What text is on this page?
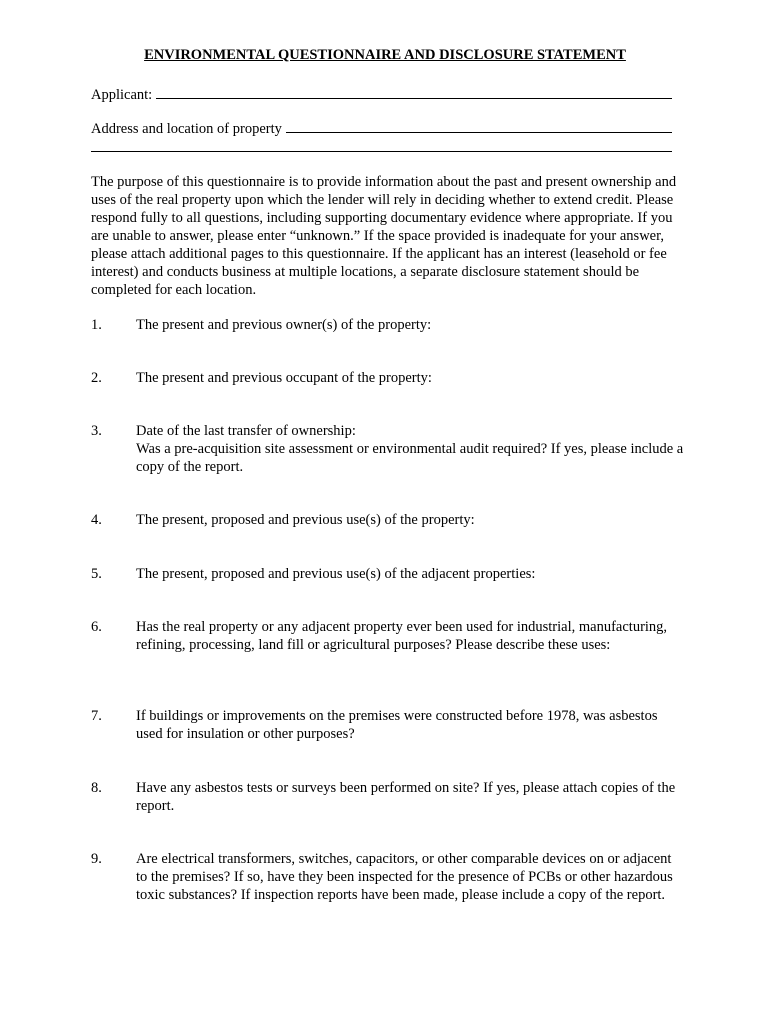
ENVIRONMENTAL QUESTIONNAIRE AND DISCLOSURE STATEMENT
Applicant:
Address and location of property
The purpose of this questionnaire is to provide information about the past and present ownership and uses of the real property upon which the lender will rely in deciding whether to extend credit. Please respond fully to all questions, including supporting documentary evidence where appropriate. If you are unable to answer, please enter “unknown.” If the space provided is inadequate for your answer, please attach additional pages to this questionnaire. If the applicant has an interest (leasehold or fee interest) and conducts business at multiple locations, a separate disclosure statement should be completed for each location.
1.	The present and previous owner(s) of the property:
2.	The present and previous occupant of the property:
3.	Date of the last transfer of ownership:
Was a pre-acquisition site assessment or environmental audit required? If yes, please include a copy of the report.
4.	The present, proposed and previous use(s) of the property:
5.	The present, proposed and previous use(s) of the adjacent properties:
6.	Has the real property or any adjacent property ever been used for industrial, manufacturing, refining, processing, land fill or agricultural purposes? Please describe these uses:
7.	If buildings or improvements on the premises were constructed before 1978, was asbestos used for insulation or other purposes?
8.	Have any asbestos tests or surveys been performed on site? If yes, please attach copies of the report.
9.	Are electrical transformers, switches, capacitors, or other comparable devices on or adjacent to the premises? If so, have they been inspected for the presence of PCBs or other hazardous toxic substances? If inspection reports have been made, please include a copy of the report.
